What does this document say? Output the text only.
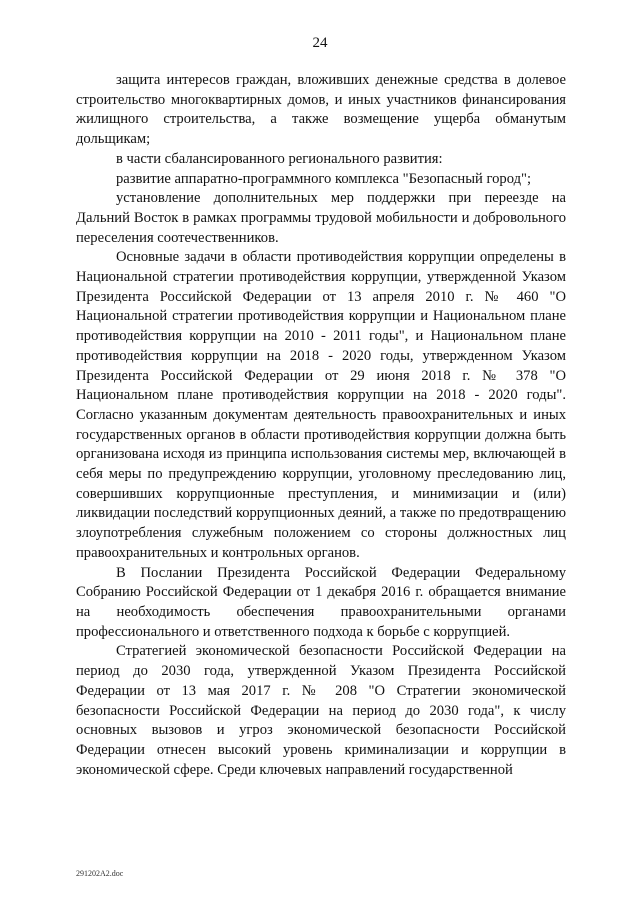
24

защита интересов граждан, вложивших денежные средства в долевое строительство многоквартирных домов, и иных участников финансирования жилищного строительства, а также возмещение ущерба обманутым дольщикам;

в части сбалансированного регионального развития:

развитие аппаратно-программного комплекса "Безопасный город";

установление дополнительных мер поддержки при переезде на Дальний Восток в рамках программы трудовой мобильности и добровольного переселения соотечественников.

Основные задачи в области противодействия коррупции определены в Национальной стратегии противодействия коррупции, утвержденной Указом Президента Российской Федерации от 13 апреля 2010 г. № 460 "О Национальной стратегии противодействия коррупции и Национальном плане противодействия коррупции на 2010 - 2011 годы", и Национальном плане противодействия коррупции на 2018 - 2020 годы, утвержденном Указом Президента Российской Федерации от 29 июня 2018 г. № 378 "О Национальном плане противодействия коррупции на 2018 - 2020 годы". Согласно указанным документам деятельность правоохранительных и иных государственных органов в области противодействия коррупции должна быть организована исходя из принципа использования системы мер, включающей в себя меры по предупреждению коррупции, уголовному преследованию лиц, совершивших коррупционные преступления, и минимизации и (или) ликвидации последствий коррупционных деяний, а также по предотвращению злоупотребления служебным положением со стороны должностных лиц правоохранительных и контрольных органов.

В Послании Президента Российской Федерации Федеральному Собранию Российской Федерации от 1 декабря 2016 г. обращается внимание на необходимость обеспечения правоохранительными органами профессионального и ответственного подхода к борьбе с коррупцией.

Стратегией экономической безопасности Российской Федерации на период до 2030 года, утвержденной Указом Президента Российской Федерации от 13 мая 2017 г. № 208 "О Стратегии экономической безопасности Российской Федерации на период до 2030 года", к числу основных вызовов и угроз экономической безопасности Российской Федерации отнесен высокий уровень криминализации и коррупции в экономической сфере. Среди ключевых направлений государственной

291202A2.doc
